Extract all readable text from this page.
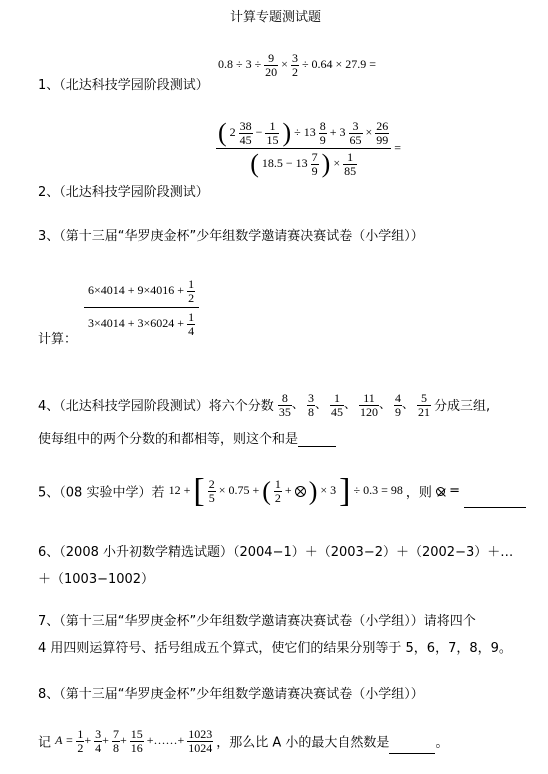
计算专题测试题
$0.8 \div 3 \div \frac{9}{20} \times \frac{3}{2} \div 0.64 \times 27.9$ =
1、（北达科技学园阶段测试）
( $2 \frac{38}{45} - \frac{1}{15}$ ) ÷ $13 \frac{8}{9} + 3 \frac{3}{65} \times \frac{26}{99}$
( $18.5 - 13 \frac{7}{9}$ ) × $\frac{1}{85}$
=
2、（北达科技学园阶段测试）
3、（第十三届“华罗庚金杯”少年组数学邀请赛决赛试卷（小学组））
$\frac{6\times 4014 + 9\times 4016 + \frac{1}{2}}{3\times 4014 + 3\times 6024 + \frac{1}{4}}$
计算：
4、（北达科技学园阶段测试）将六个分数 $\frac{8}{35}$ 、 $\frac{3}{8}$ 、 $\frac{1}{45}$ 、 $\frac{11}{120}$ 、 $\frac{4}{9}$ 、 $\frac{5}{21}$ 分成三组,
使每组中的两个分数的和都相等，则这个和是
5、（08 实验中学）若 12 + [ $\frac{2}{5} \times 0.75$ + ( $\frac{1}{2}$ + ) × 3 ] ÷ 0.3 = 98 ，则 =
6、（2008 小升初数学精选试题）（2004−1）＋（2003−2）＋（2002−3）＋…
＋（1003−1002）
7、（第十三届“华罗庚金杯”少年组数学邀请赛决赛试卷（小学组））请将四个
4 用四则运算符号、括号组成五个算式，使它们的结果分别等于 5，6，7，8，9。
8、（第十三届“华罗庚金杯”少年组数学邀请赛决赛试卷（小学组））
记 $A = \frac{1}{2} + \frac{3}{4} + \frac{7}{8} + \frac{15}{16}$ +……+ $\frac{1023}{1024}$ ，那么比 A 小的最大自然数是	。
